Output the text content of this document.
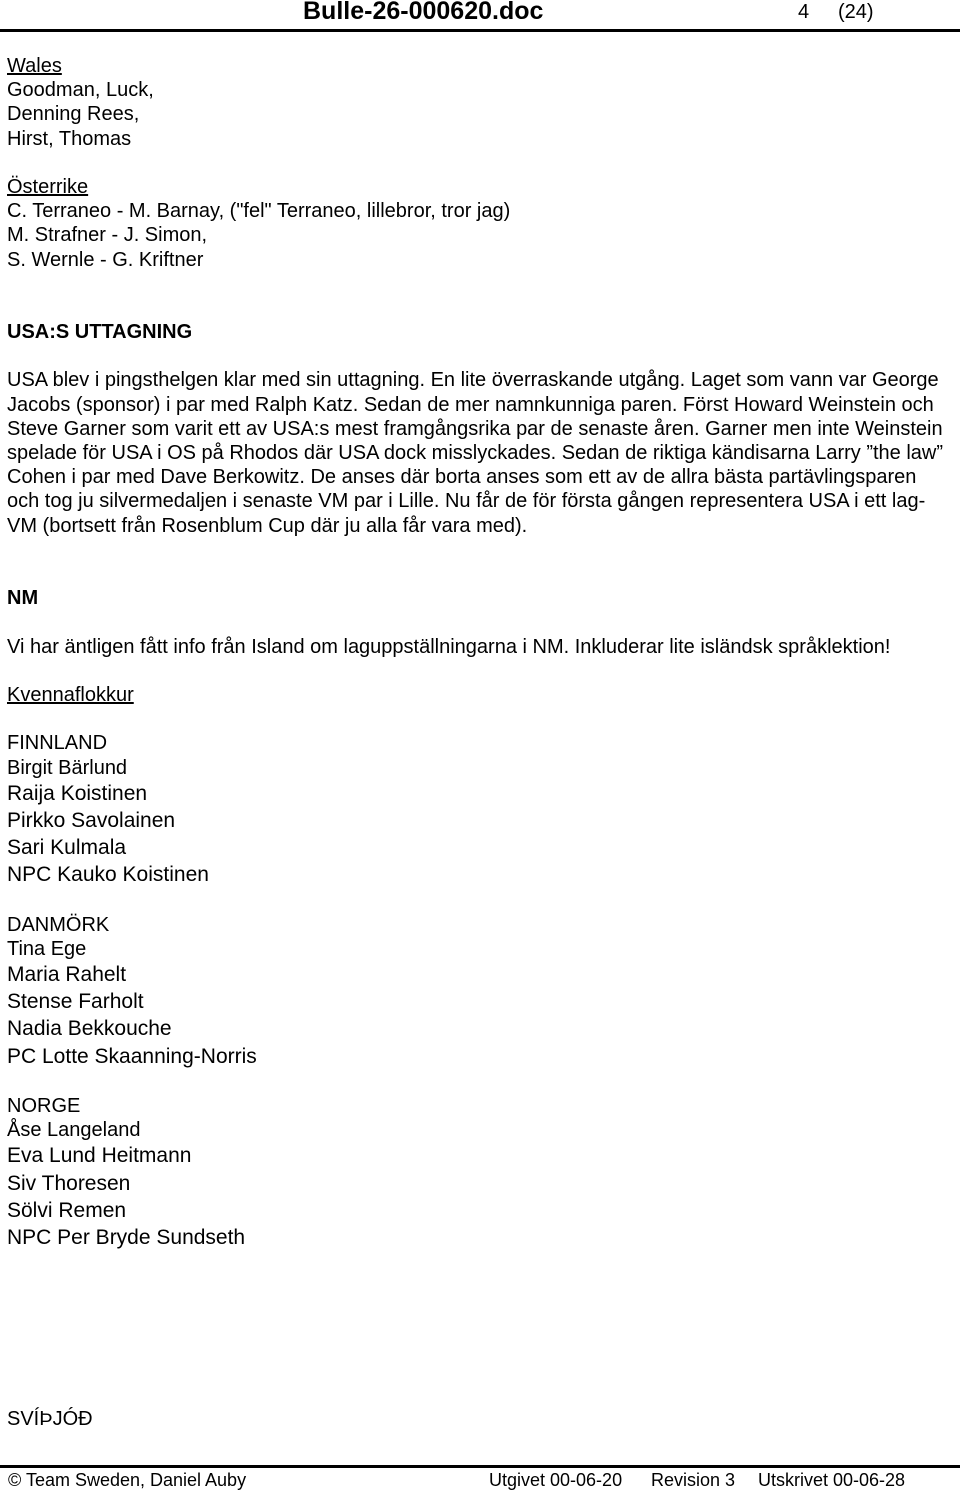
Bulle-26-000620.doc	4 (24)
Wales
Goodman, Luck,
Denning Rees,
Hirst, Thomas
Österrike
C. Terraneo - M. Barnay, ("fel" Terraneo, lillebror, tror jag)
M. Strafner - J. Simon,
S. Wernle - G. Kriftner
USA:S UTTAGNING
USA blev i pingsthelgen klar med sin uttagning. En lite överraskande utgång. Laget som vann var George Jacobs (sponsor) i par med Ralph Katz. Sedan de mer namnkunniga paren. Först Howard Weinstein och Steve Garner som varit ett av USA:s mest framgångsrika par de senaste åren. Garner men inte Weinstein spelade för USA i OS på Rhodos där USA dock misslyckades. Sedan de riktiga kändisarna Larry ”the law” Cohen i par med Dave Berkowitz. De anses där borta anses som ett av de allra bästa partävlingsparen och tog ju silvermedaljen i senaste VM par i Lille. Nu får de för första gången representera USA i ett lag-VM (bortsett från Rosenblum Cup där ju alla får vara med).
NM
Vi har äntligen fått info från Island om laguppställningarna i NM. Inkluderar lite isländsk språklektion!
Kvennaflokkur
FINNLAND
Birgit Bärlund
Raija Koistinen
Pirkko Savolainen
Sari Kulmala
NPC Kauko Koistinen
DANMÖRK
Tina Ege
Maria Rahelt
Stense Farholt
Nadia Bekkouche
PC Lotte Skaanning-Norris
NORGE
Åse Langeland
Eva Lund Heitmann
Siv Thoresen
Sölvi Remen
NPC Per Bryde Sundseth
SVÍÞJÓÐ
© Team Sweden, Daniel Auby	Utgivet 00-06-20 Revision 3 Utskrivet 00-06-28
